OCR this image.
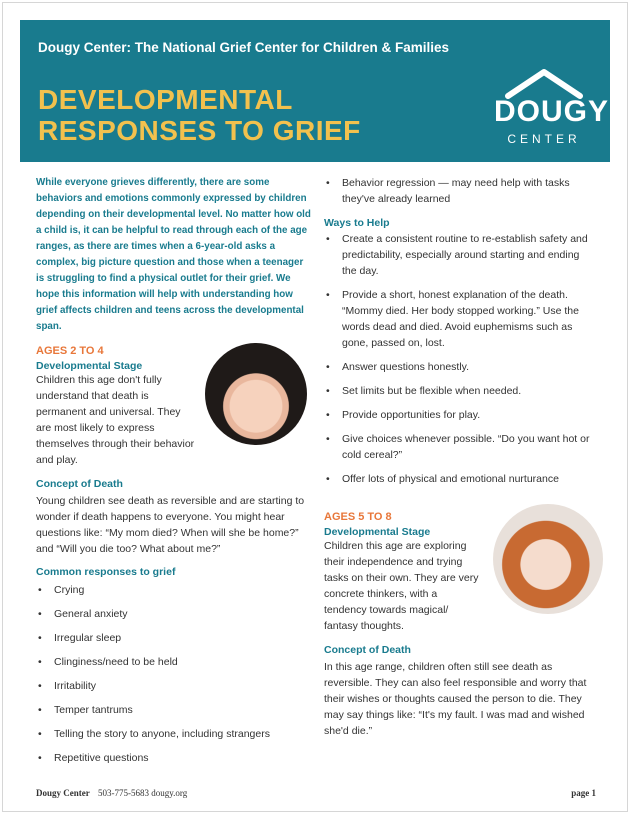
Dougy Center: The National Grief Center for Children & Families
DEVELOPMENTAL
RESPONSES TO GRIEF
DOUGY
CENTER

While everyone grieves differently, there are some behaviors and emotions commonly expressed by children depending on their developmental level. No matter how old a child is, it can be helpful to read through each of the age ranges, as there are times when a 6-year-old asks a complex, big picture question and those when a teenager is struggling to find a physical outlet for their grief. We hope this information will help with understanding how grief affects children and teens across the developmental span.

AGES 2 TO 4
Developmental Stage

Children this age don't fully understand that death is permanent and universal. They are most likely to express themselves through their behavior and play.

Concept of Death

Young children see death as reversible and are starting to wonder if death happens to everyone. You might hear questions like: “My mom died? When will she be home?” and “Will you die too? What about me?”

Common responses to grief
• Crying
• General anxiety
• Irregular sleep
• Clinginess/need to be held
• Irritability
• Temper tantrums
• Telling the story to anyone, including strangers
• Repetitive questions
• Behavior regression — may need help with tasks they've already learned
Ways to Help
• Create a consistent routine to re-establish safety and predictability, especially around starting and ending the day.
• Provide a short, honest explanation of the death. “Mommy died. Her body stopped working.” Use the words dead and died. Avoid euphemisms such as gone, passed on, lost.
• Answer questions honestly.
• Set limits but be flexible when needed.
• Provide opportunities for play.
• Give choices whenever possible. “Do you want hot or cold cereal?”
• Offer lots of physical and emotional nurturance
AGES 5 TO 8
Developmental Stage

Children this age are exploring their independence and trying tasks on their own. They are very concrete thinkers, with a tendency towards magical/ fantasy thoughts.

Concept of Death

In this age range, children often still see death as reversible. They can also feel responsible and worry that their wishes or thoughts caused the person to die. They may say things like: “It's my fault. I was mad and wished she'd die.”

Dougy Center 503-775-5683 dougy.org	page 1
